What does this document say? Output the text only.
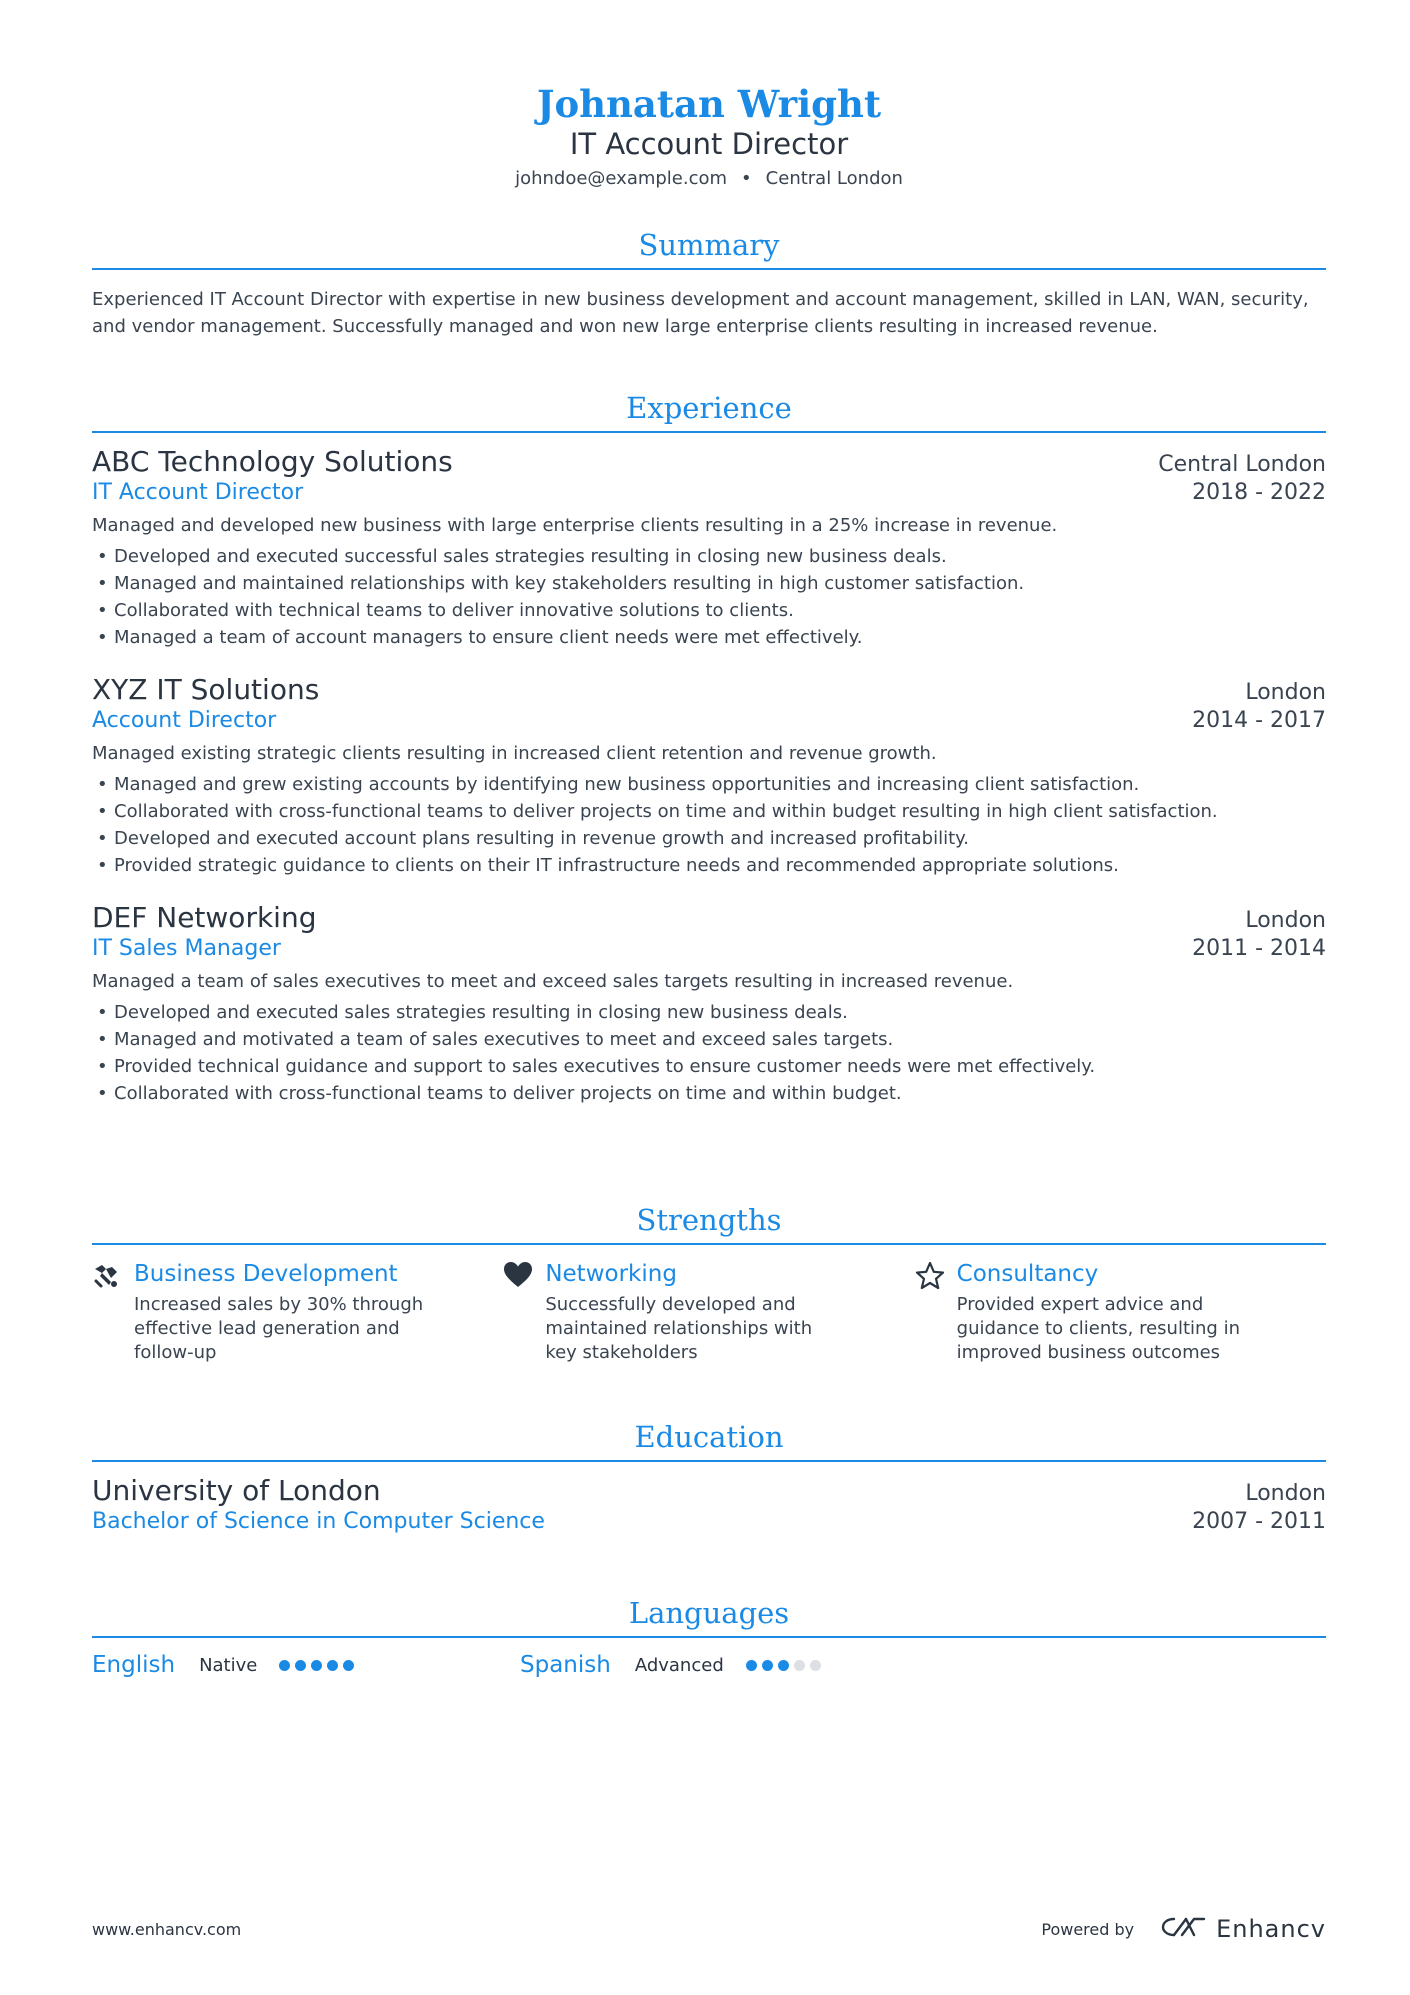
Johnatan Wright
IT Account Director
johndoe@example.com • Central London
Summary
Experienced IT Account Director with expertise in new business development and account management, skilled in LAN, WAN, security, and vendor management. Successfully managed and won new large enterprise clients resulting in increased revenue.
Experience
ABC Technology Solutions	Central London
IT Account Director	2018 - 2022
Managed and developed new business with large enterprise clients resulting in a 25% increase in revenue.
• Developed and executed successful sales strategies resulting in closing new business deals.
• Managed and maintained relationships with key stakeholders resulting in high customer satisfaction.
• Collaborated with technical teams to deliver innovative solutions to clients.
• Managed a team of account managers to ensure client needs were met effectively.
XYZ IT Solutions	London
Account Director	2014 - 2017
Managed existing strategic clients resulting in increased client retention and revenue growth.
• Managed and grew existing accounts by identifying new business opportunities and increasing client satisfaction.
• Collaborated with cross-functional teams to deliver projects on time and within budget resulting in high client satisfaction.
• Developed and executed account plans resulting in revenue growth and increased profitability.
• Provided strategic guidance to clients on their IT infrastructure needs and recommended appropriate solutions.
DEF Networking	London
IT Sales Manager	2011 - 2014
Managed a team of sales executives to meet and exceed sales targets resulting in increased revenue.
• Developed and executed sales strategies resulting in closing new business deals.
• Managed and motivated a team of sales executives to meet and exceed sales targets.
• Provided technical guidance and support to sales executives to ensure customer needs were met effectively.
• Collaborated with cross-functional teams to deliver projects on time and within budget.
Strengths
Business Development
Increased sales by 30% through effective lead generation and follow-up
Networking
Successfully developed and maintained relationships with key stakeholders
Consultancy
Provided expert advice and guidance to clients, resulting in improved business outcomes
Education
University of London	London
Bachelor of Science in Computer Science	2007 - 2011
Languages
English Native	Spanish Advanced
www.enhancv.com	Powered by	Enhancv
